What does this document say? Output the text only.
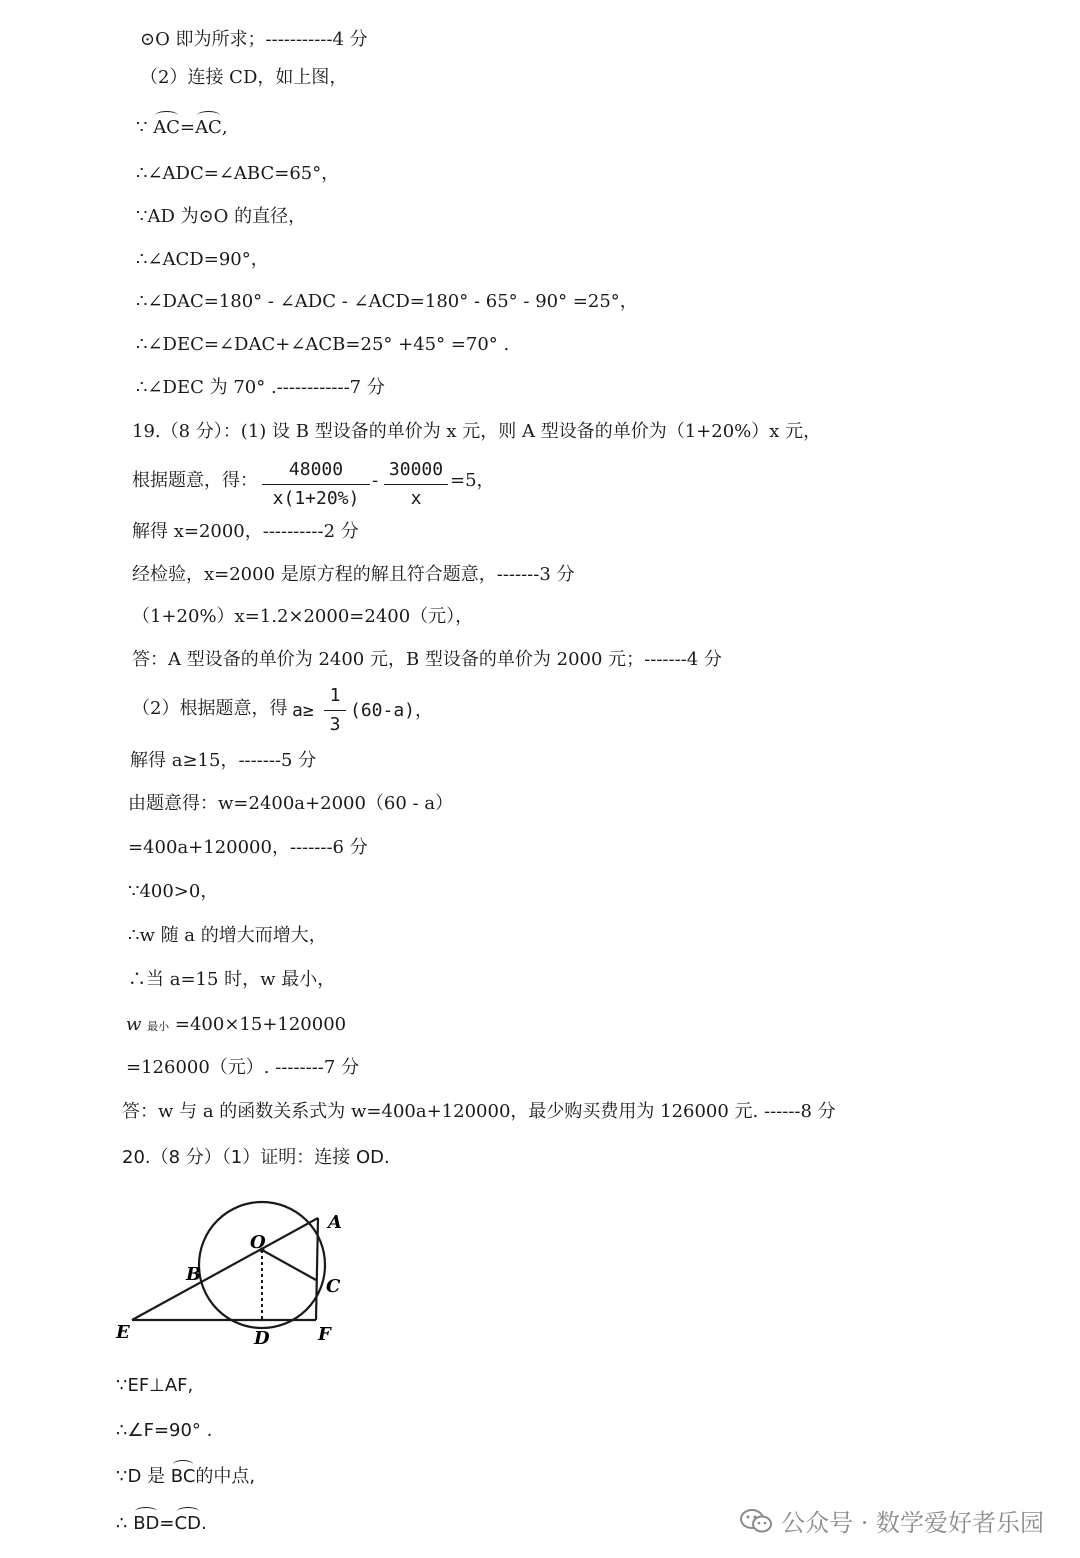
⊙O 即为所求；-----------4 分
（2）连接 CD，如上图，
∵ AC=AC,
∴∠ADC=∠ABC=65°，
∵AD 为⊙O 的直径，
∴∠ACD=90°，
∴∠DAC=180° - ∠ADC - ∠ACD=180° - 65° - 90° =25°，
∴∠DEC=∠DAC+∠ACB=25° +45° =70° .
∴∠DEC 为 70° .------------7 分
19.（8 分）：(1) 设 B 型设备的单价为 x 元，则 A 型设备的单价为（1+20%）x 元，
根据题意，得：
48000
x(1+20%)
-
30000
x
=5，
解得 x=2000，----------2 分
经检验，x=2000 是原方程的解且符合题意，-------3 分
（1+20%）x=1.2×2000=2400（元），
答：A 型设备的单价为 2400 元，B 型设备的单价为 2000 元；-------4 分
（2）根据题意，得 a≥
1
3
(60-a)，
解得 a≥15，-------5 分
由题意得：w=2400a+2000（60 - a）
=400a+120000，-------6 分
∵400>0，
∴w 随 a 的增大而增大，
∴当 a=15 时，w 最小，
w 最小 =400×15+120000
=126000（元）. --------7 分
答：w 与 a 的函数关系式为 w=400a+120000，最少购买费用为 126000 元. ------8 分
20.（8 分）（1）证明：连接 OD.
O
A
B
C
D
E	F
∵EF⊥AF,
∴∠F=90° .
∵D 是 BC的中点,
∴ BD=CD.	公众号 · 数学爱好者乐园
